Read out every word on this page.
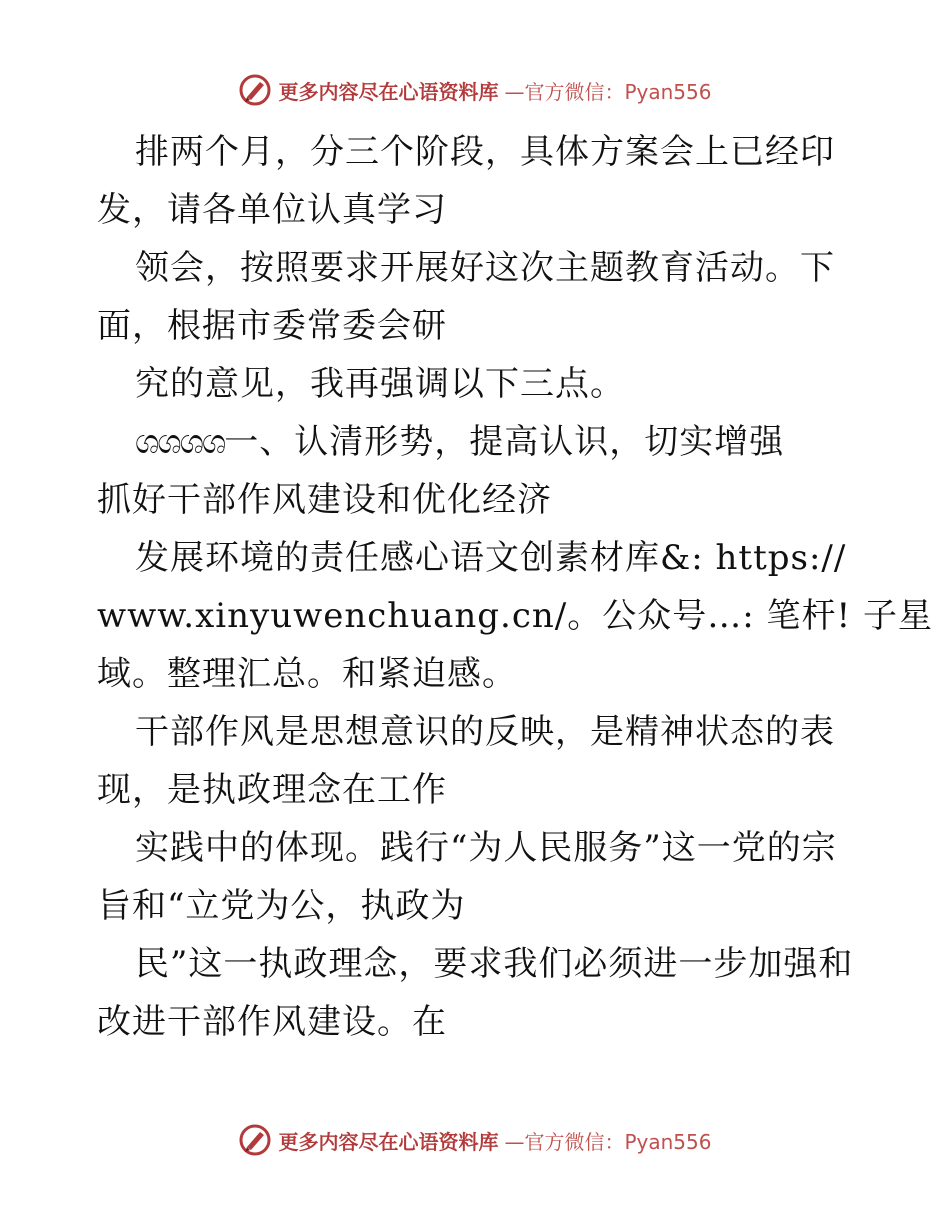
更多内容尽在心语资料库 —官方微信：Pyan556
排两个月，分三个阶段，具体方案会上已经印
发，请各单位认真学习
领会，按照要求开展好这次主题教育活动。下
面，根据市委常委会研
究的意见，我再强调以下三点。
ශශශශ一、认清形势，提高认识，切实增强
抓好干部作风建设和优化经济
发展环境的责任感心语文创素材库&: https://
www.xinyuwenchuang.cn/。公众号…: 笔杆! 子星
域。整理汇总。和紧迫感。
干部作风是思想意识的反映，是精神状态的表
现，是执政理念在工作
实践中的体现。践行“为人民服务”这一党的宗
旨和“立党为公，执政为
民”这一执政理念，要求我们必须进一步加强和
改进干部作风建设。在
更多内容尽在心语资料库 —官方微信：Pyan556
